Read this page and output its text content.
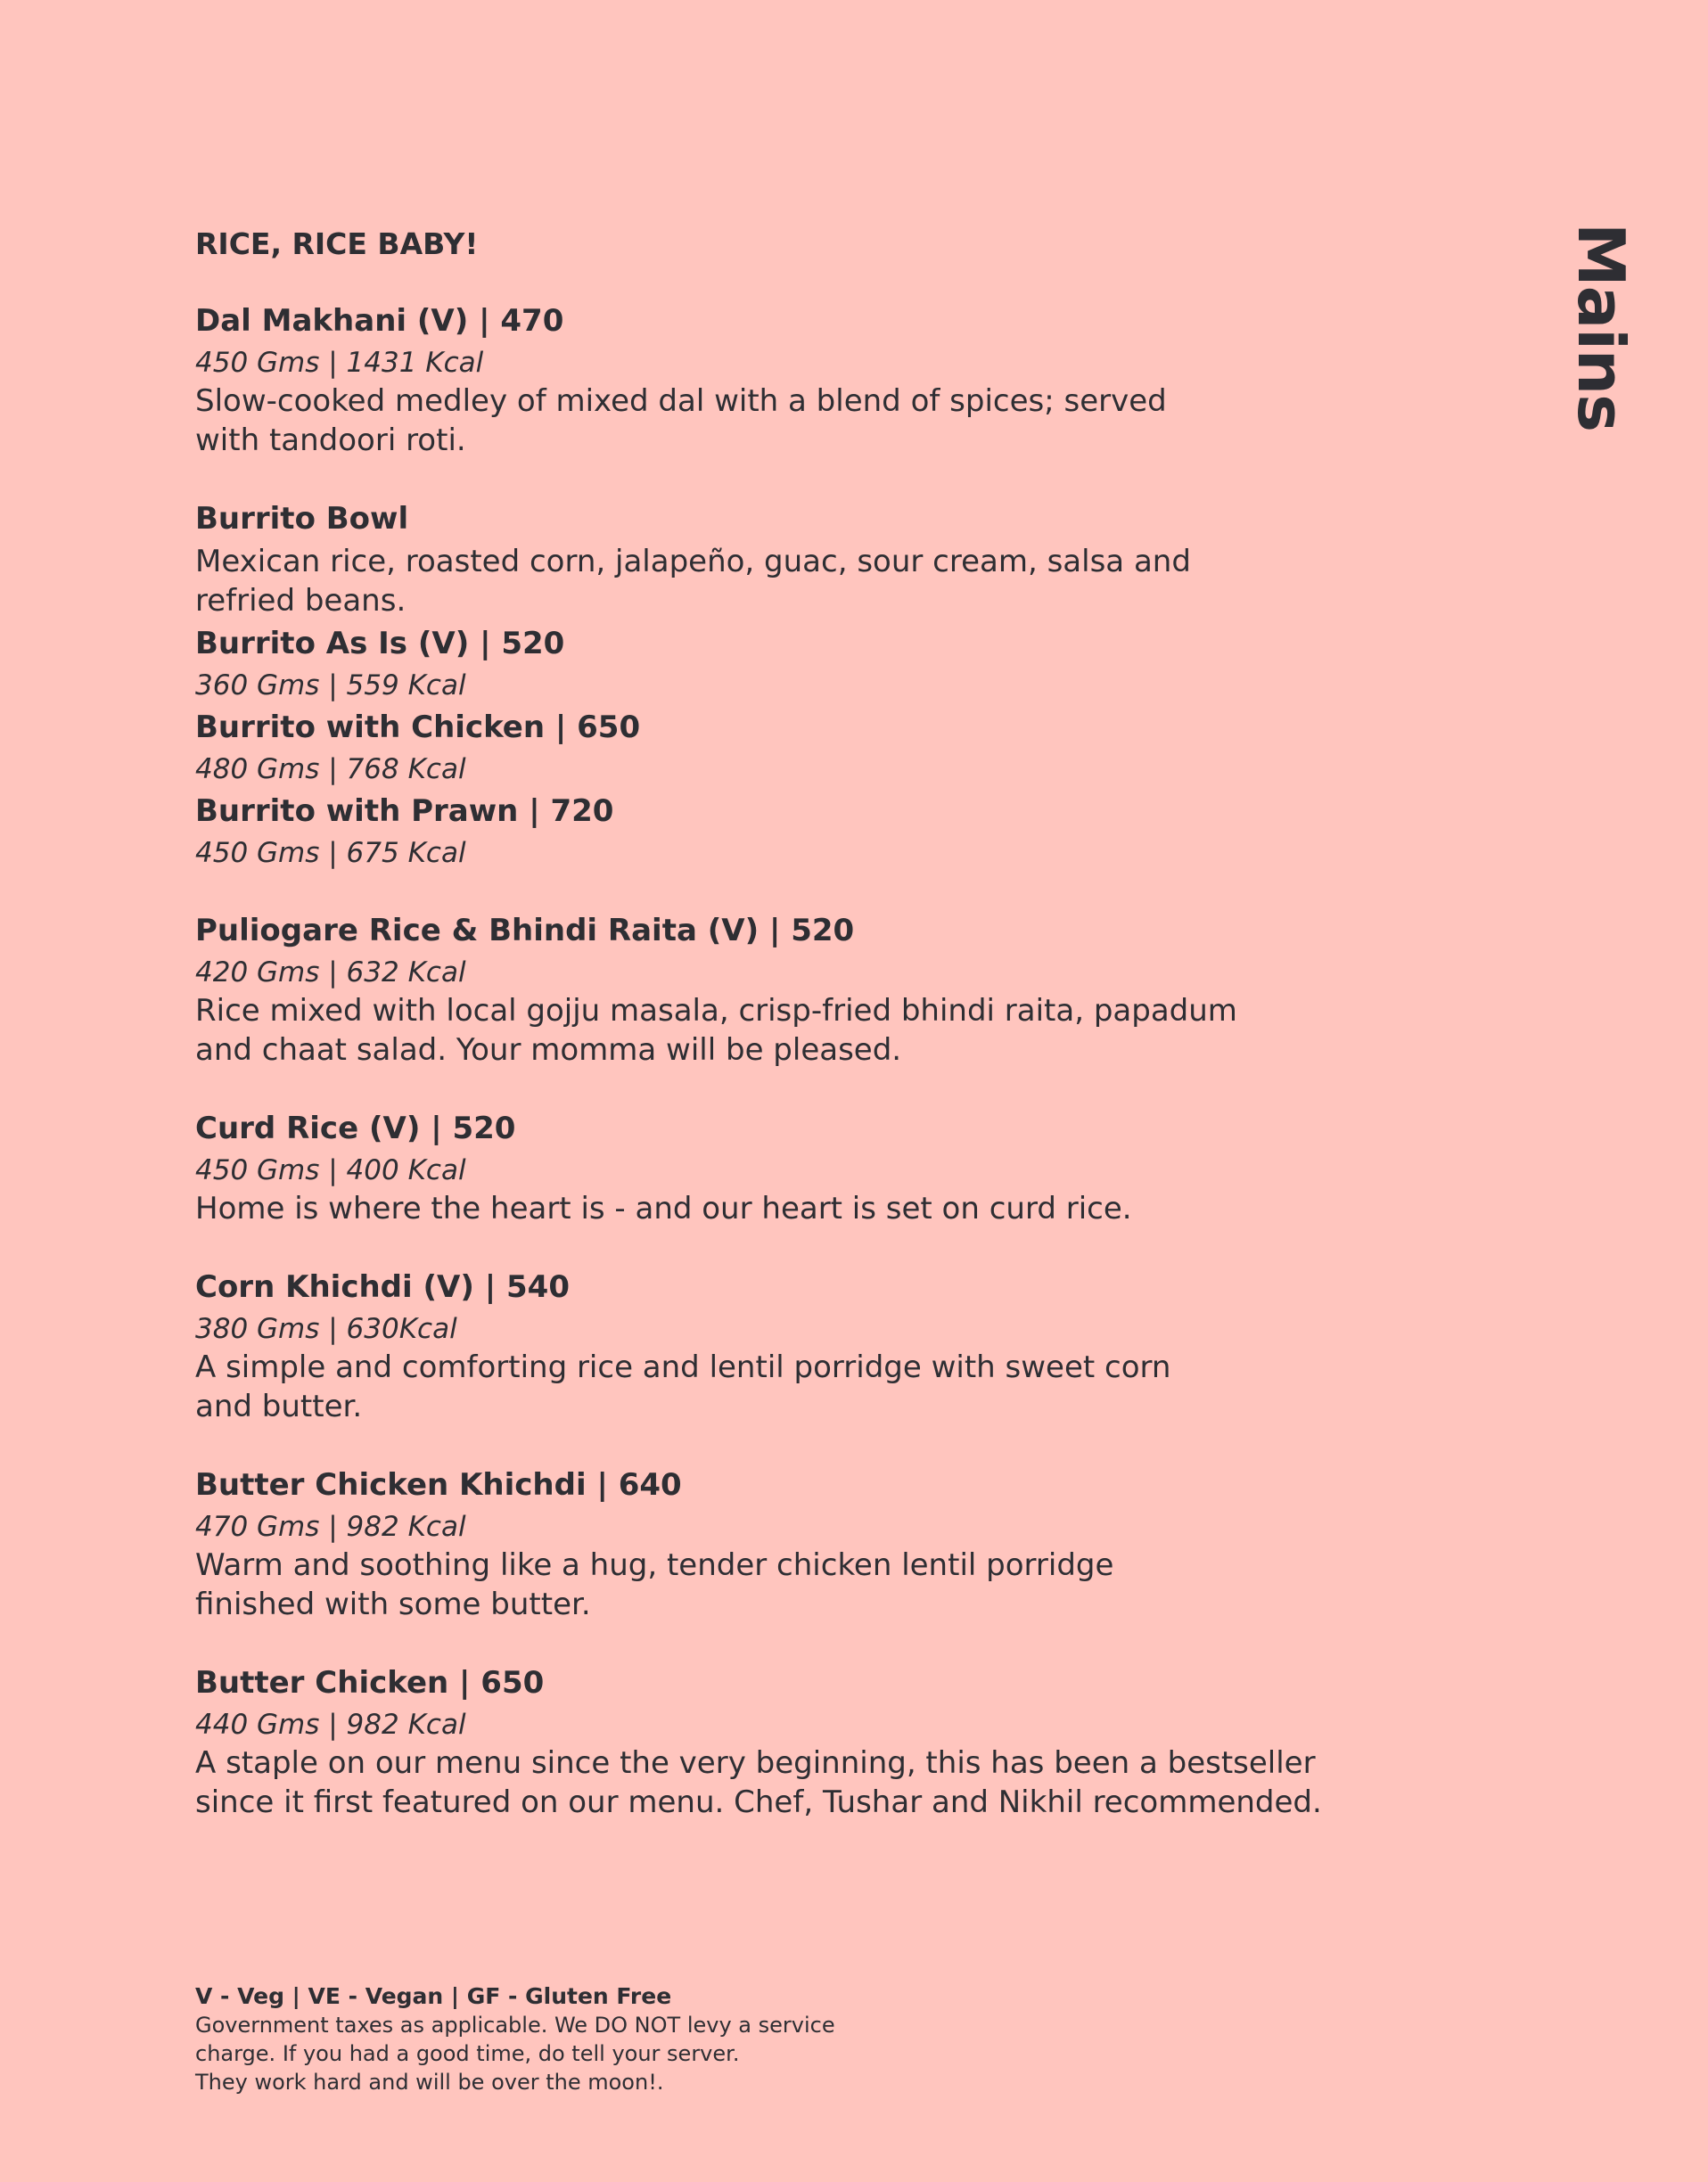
Mains
RICE, RICE BABY!

Dal Makhani (V) | 470

450 Gms | 1431 Kcal

Slow-cooked medley of mixed dal with a blend of spices; served
with tandoori roti.

Burrito Bowl

Mexican rice, roasted corn, jalapeño, guac, sour cream, salsa and
refried beans.

Burrito As Is (V) | 520

360 Gms | 559 Kcal

Burrito with Chicken | 650

480 Gms | 768 Kcal

Burrito with Prawn | 720

450 Gms | 675 Kcal

Puliogare Rice & Bhindi Raita (V) | 520

420 Gms | 632 Kcal

Rice mixed with local gojju masala, crisp-fried bhindi raita, papadum
and chaat salad. Your momma will be pleased.

Curd Rice (V) | 520

450 Gms | 400 Kcal

Home is where the heart is - and our heart is set on curd rice.

Corn Khichdi (V) | 540

380 Gms | 630Kcal

A simple and comforting rice and lentil porridge with sweet corn
and butter.

Butter Chicken Khichdi | 640

470 Gms | 982 Kcal

Warm and soothing like a hug, tender chicken lentil porridge
finished with some butter.

Butter Chicken | 650

440 Gms | 982 Kcal

A staple on our menu since the very beginning, this has been a bestseller
since it first featured on our menu. Chef, Tushar and Nikhil recommended.

V - Veg | VE - Vegan | GF - Gluten Free

Government taxes as applicable. We DO NOT levy a service
charge. If you had a good time, do tell your server.
They work hard and will be over the moon!.
